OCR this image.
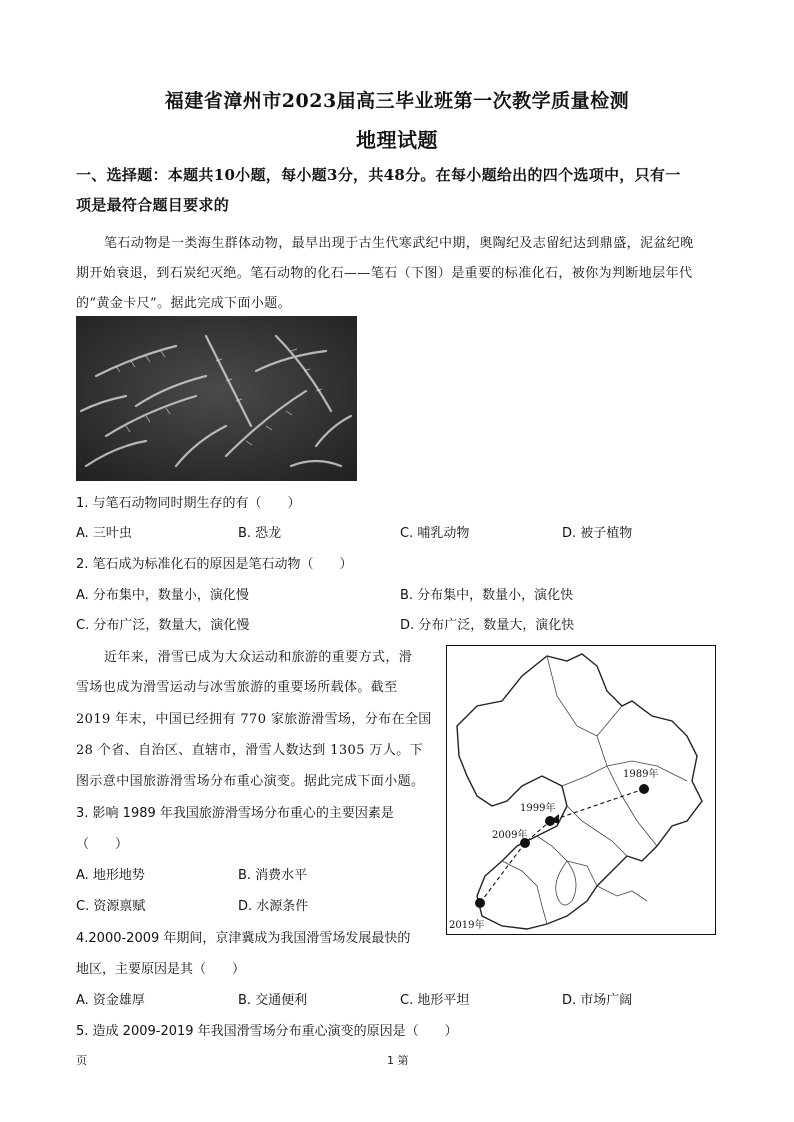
福建省漳州市2023届高三毕业班第一次教学质量检测
地理试题
一、选择题：本题共10小题，每小题3分，共48分。在每小题给出的四个选项中，只有一
项是最符合题目要求的
笔石动物是一类海生群体动物，最早出现于古生代寒武纪中期，奥陶纪及志留纪达到鼎盛，泥盆纪晚
期开始衰退，到石炭纪灭绝。笔石动物的化石——笔石（下图）是重要的标准化石，被你为判断地层年代
的“黄金卡尺”。据此完成下面小题。
1. 与笔石动物同时期生存的有（　　）
A. 三叶虫	B. 恐龙	C. 哺乳动物	D. 被子植物
2. 笔石成为标准化石的原因是笔石动物（　　）
A. 分布集中，数量小，演化慢	B. 分布集中，数量小，演化快
C. 分布广泛，数量大，演化慢	D. 分布广泛，数量大，演化快
近年来，滑雪已成为大众运动和旅游的重要方式，滑
雪场也成为滑雪运动与冰雪旅游的重要场所载体。截至
2019 年末，中国已经拥有 770 家旅游滑雪场，分布在全国
28 个省、自治区、直辖市，滑雪人数达到 1305 万人。下
图示意中国旅游滑雪场分布重心演变。据此完成下面小题。
3. 影响 1989 年我国旅游滑雪场分布重心的主要因素是
（　　）
A. 地形地势	B. 消费水平
C. 资源禀赋	D. 水源条件
4.2000-2009 年期间，京津冀成为我国滑雪场发展最快的
地区，主要原因是其（　　）
A. 资金雄厚	B. 交通便利	C. 地形平坦	D. 市场广阔
5. 造成 2009-2019 年我国滑雪场分布重心演变的原因是（　　）
1989年
1999年
2009年
2019年
页	1 第
